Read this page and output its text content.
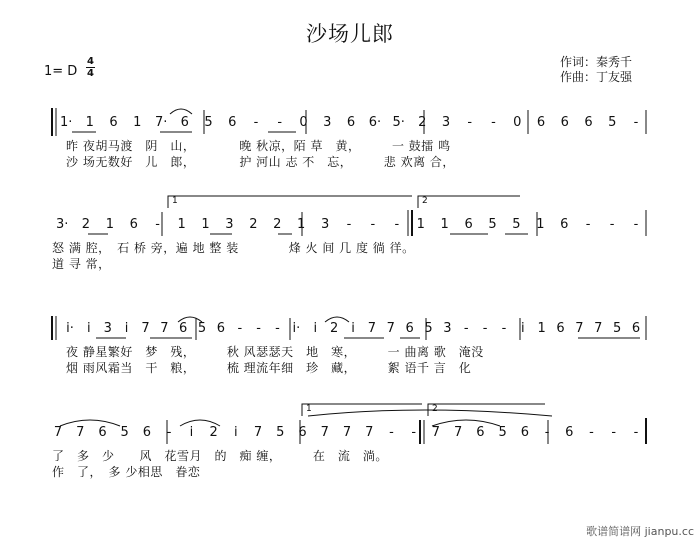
沙场儿郎
作词：秦秀千
作曲：丁友强
1= D
4
4
昨 夜胡马渡　阴　山，　　　　晚 秋凉，陌 草　黄，　　　一 鼓擂 鸣
沙 场无数好　儿　郎，　　　　护 河山 志 不　忘，　　　悲 欢离 合，
1· 1 6 1 7· 6 5 6 - - 0 3 6 6· 5· 2 3 - - 0 6 6 6 5 -
怒 满 腔，　石 桥 旁，遍 地 整 装　　　　烽 火 间 几 度 徜 徉。
道 寻 常，
3· 2 1 6 - 1 1 3 2 2 1 3 - - - 1 1 6 5 5 1 6 - - -
夜 静星繁好　梦　残，　　　秋 风瑟瑟天　地　寒，　　　一 曲离 歌　淹没
烟 雨风霜当　干　粮，　　　梳 理流年细　珍　藏，　　　絮 语千 言　化
i·	i 3 i 7 7 6 5 6 - - - i·	i 2 i 7 7 6 5 3 - - -	i 1 6 7 7 5 6
了　多　少　　风　花雪月　的　痴 缠，　　　在　流　淌。
作　了，　多 少相思　眷恋
7 7 6 5 6 -	i	2	i	7 5 6 7 7 7 - - 7 7 6 5 6 - 6 - - -
1	2
1	2
歌谱简谱网 jianpu.cc
